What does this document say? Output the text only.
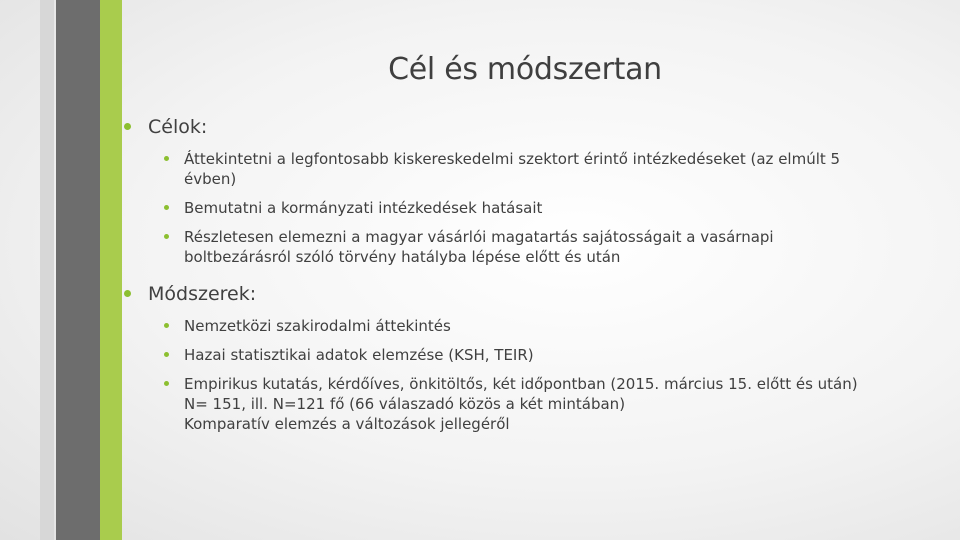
Cél és módszertan
Célok:
Áttekintetni a legfontosabb kiskereskedelmi szektort érintő intézkedéseket (az elmúlt 5 évben)
Bemutatni a kormányzati intézkedések hatásait
Részletesen elemezni a magyar vásárlói magatartás sajátosságait a vasárnapi boltbezárásról szóló törvény hatályba lépése előtt és után
Módszerek:
Nemzetközi szakirodalmi áttekintés
Hazai statisztikai adatok elemzése (KSH, TEIR)
Empirikus kutatás, kérdőíves, önkitöltős, két időpontban (2015. március 15. előtt és után) N= 151, ill. N=121 fő (66 válaszadó közös a két mintában)
Komparatív elemzés a változások jellegéről
